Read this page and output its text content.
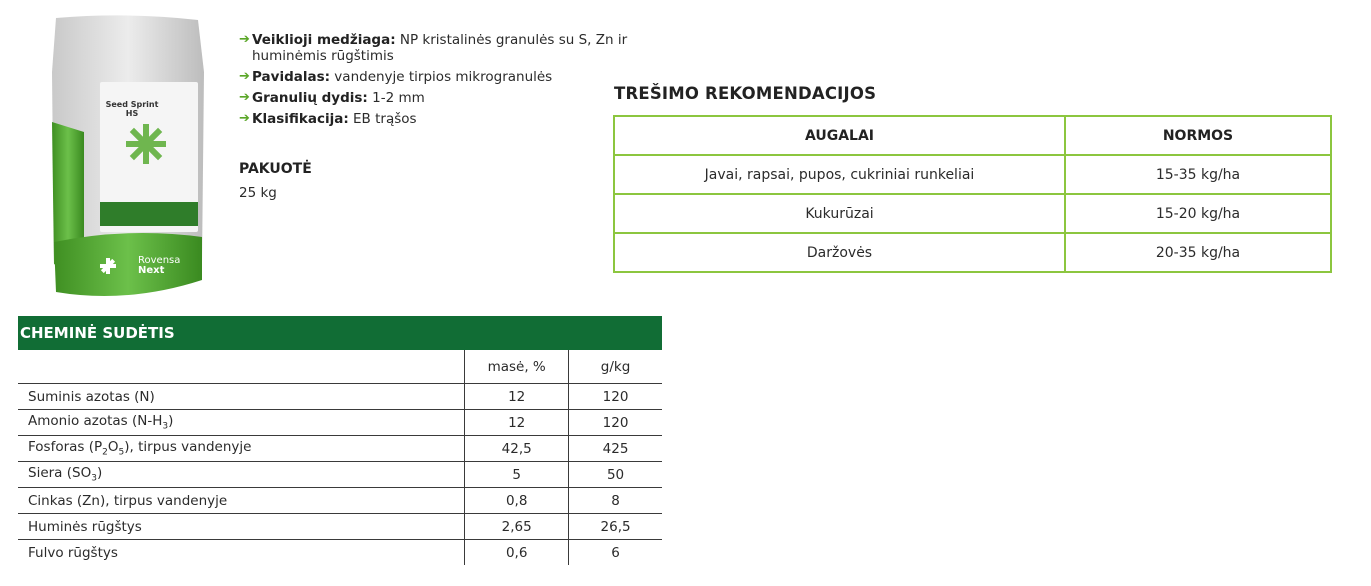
Seed Sprint HS
Rovensa
Next
➔ Veiklioji medžiaga: NP kristalinės granulės su S, Zn ir huminėmis rūgštimis
➔ Pavidalas: vandenyje tirpios mikrogranulės
➔ Granulių dydis: 1-2 mm
➔ Klasifikacija: EB trąšos
PAKUOTĖ
25 kg
TREŠIMO REKOMENDACIJOS
AUGALAI	NORMOS
Javai, rapsai, pupos, cukriniai runkeliai	15-35 kg/ha
Kukurūzai	15-20 kg/ha
Daržovės	20-35 kg/ha
CHEMINĖ SUDĖTIS
	masė, %	g/kg
Suminis azotas (N)	12	120
Amonio azotas $(N-H_3)$	12	120
Fosforas $(P_2O_5)$, tirpus vandenyje	42,5	425
Siera $(SO_3)$	5	50
Cinkas (Zn), tirpus vandenyje	0,8	8
Huminės rūgštys	2,65	26,5
Fulvo rūgštys	0,6	6
